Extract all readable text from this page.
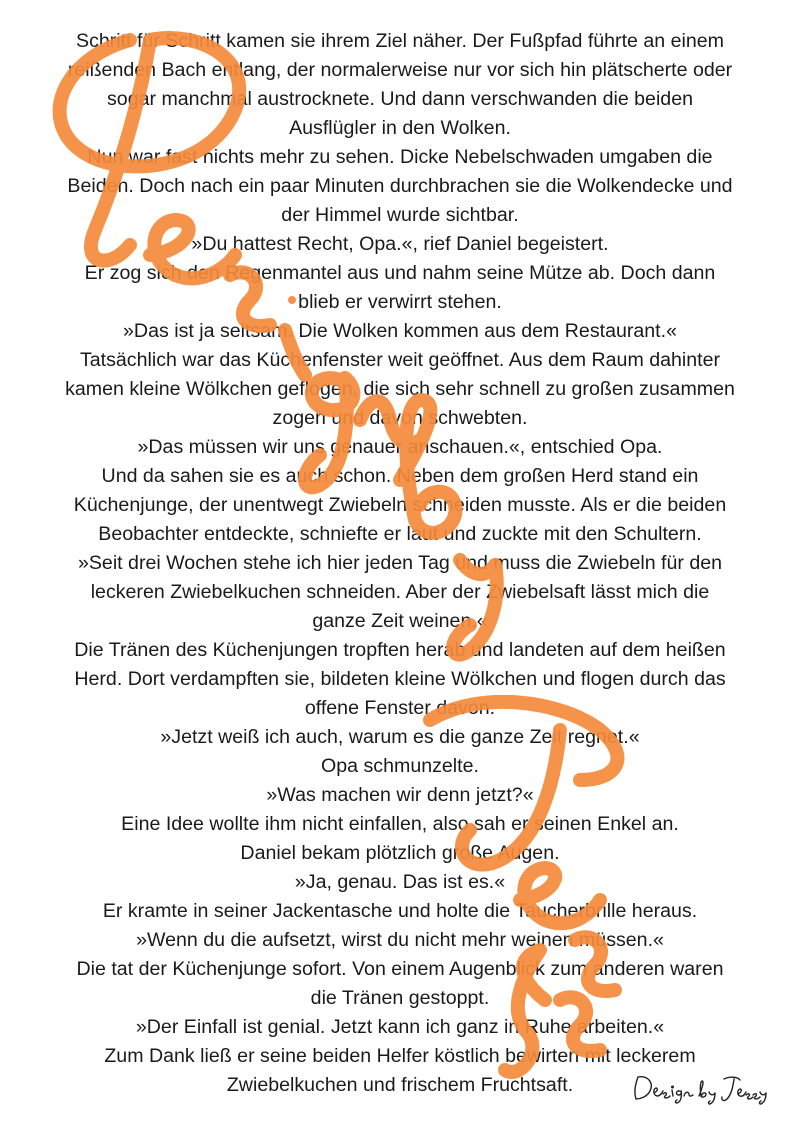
Schritt für Schritt kamen sie ihrem Ziel näher. Der Fußpfad führte an einem
reißenden Bach entlang, der normalerweise nur vor sich hin plätscherte oder
sogar manchmal austrocknete. Und dann verschwanden die beiden
Ausflügler in den Wolken.
Nun war fast nichts mehr zu sehen. Dicke Nebelschwaden umgaben die
Beiden. Doch nach ein paar Minuten durchbrachen sie die Wolkendecke und
der Himmel wurde sichtbar.
»Du hattest Recht, Opa.«, rief Daniel begeistert.
Er zog sich den Regenmantel aus und nahm seine Mütze ab. Doch dann
blieb er verwirrt stehen.
»Das ist ja seltsam. Die Wolken kommen aus dem Restaurant.«
Tatsächlich war das Küchenfenster weit geöffnet. Aus dem Raum dahinter
kamen kleine Wölkchen geflogen, die sich sehr schnell zu großen zusammen
zogen und davon schwebten.
»Das müssen wir uns genauer anschauen.«, entschied Opa.
Und da sahen sie es auch schon. Neben dem großen Herd stand ein
Küchenjunge, der unentwegt Zwiebeln schneiden musste. Als er die beiden
Beobachter entdeckte, schniefte er laut und zuckte mit den Schultern.
»Seit drei Wochen stehe ich hier jeden Tag und muss die Zwiebeln für den
leckeren Zwiebelkuchen schneiden. Aber der Zwiebelsaft lässt mich die
ganze Zeit weinen.«
Die Tränen des Küchenjungen tropften herab und landeten auf dem heißen
Herd. Dort verdampften sie, bildeten kleine Wölkchen und flogen durch das
offene Fenster davon.
»Jetzt weiß ich auch, warum es die ganze Zeit regnet.«
Opa schmunzelte.
»Was machen wir denn jetzt?«
Eine Idee wollte ihm nicht einfallen, also sah er seinen Enkel an.
Daniel bekam plötzlich große Augen.
»Ja, genau. Das ist es.«
Er kramte in seiner Jackentasche und holte die Taucherbrille heraus.
»Wenn du die aufsetzt, wirst du nicht mehr weinen müssen.«
Die tat der Küchenjunge sofort. Von einem Augenblick zum anderen waren
die Tränen gestoppt.
»Der Einfall ist genial. Jetzt kann ich ganz in Ruhe arbeiten.«
Zum Dank ließ er seine beiden Helfer köstlich bewirten mit leckerem
Zwiebelkuchen und frischem Fruchtsaft.
